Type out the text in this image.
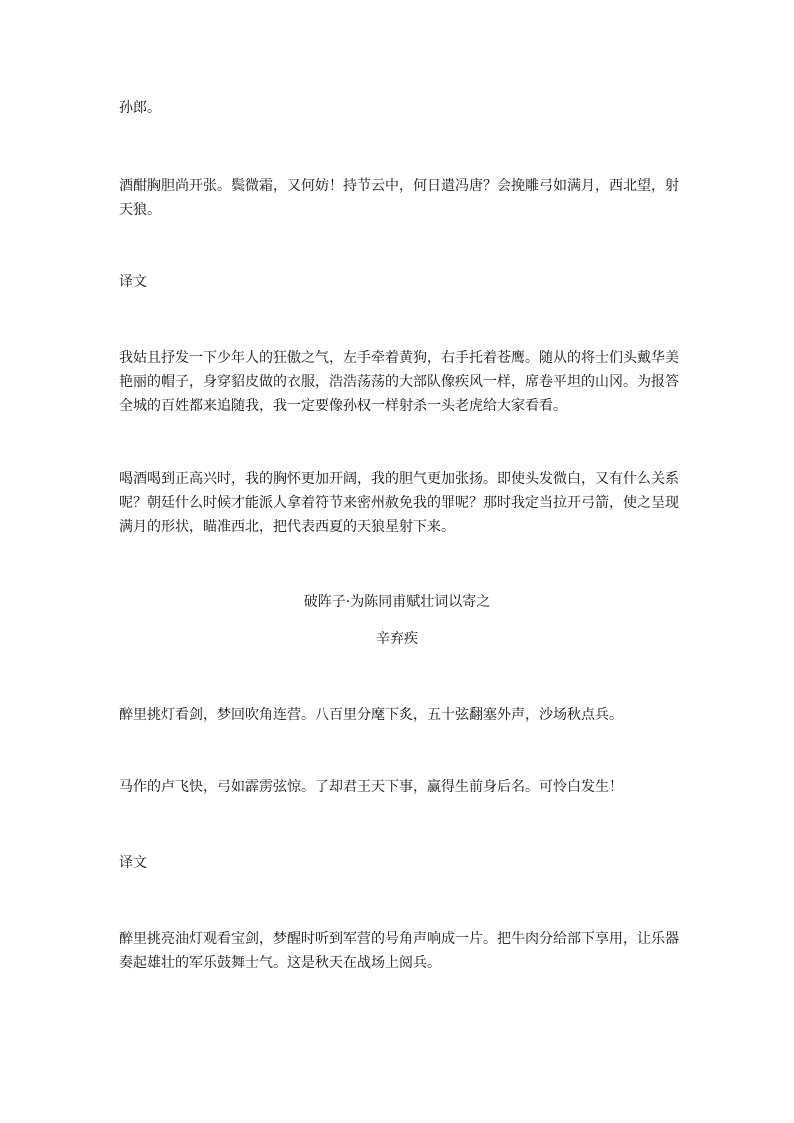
孙郎。

酒酣胸胆尚开张。鬓微霜，又何妨！持节云中，何日遣冯唐？会挽雕弓如满月，西北望，射天狼。

译文

我姑且抒发一下少年人的狂傲之气，左手牵着黄狗，右手托着苍鹰。随从的将士们头戴华美艳丽的帽子，身穿貂皮做的衣服，浩浩荡荡的大部队像疾风一样，席卷平坦的山冈。为报答全城的百姓都来追随我，我一定要像孙权一样射杀一头老虎给大家看看。

喝酒喝到正高兴时，我的胸怀更加开阔，我的胆气更加张扬。即使头发微白，又有什么关系呢？朝廷什么时候才能派人拿着符节来密州赦免我的罪呢？那时我定当拉开弓箭，使之呈现满月的形状，瞄准西北，把代表西夏的天狼星射下来。

破阵子·为陈同甫赋壮词以寄之

辛弃疾

醉里挑灯看剑，梦回吹角连营。八百里分麾下炙，五十弦翻塞外声，沙场秋点兵。

马作的卢飞快，弓如霹雳弦惊。了却君王天下事，赢得生前身后名。可怜白发生！

译文

醉里挑亮油灯观看宝剑，梦醒时听到军营的号角声响成一片。把牛肉分给部下享用，让乐器奏起雄壮的军乐鼓舞士气。这是秋天在战场上阅兵。
